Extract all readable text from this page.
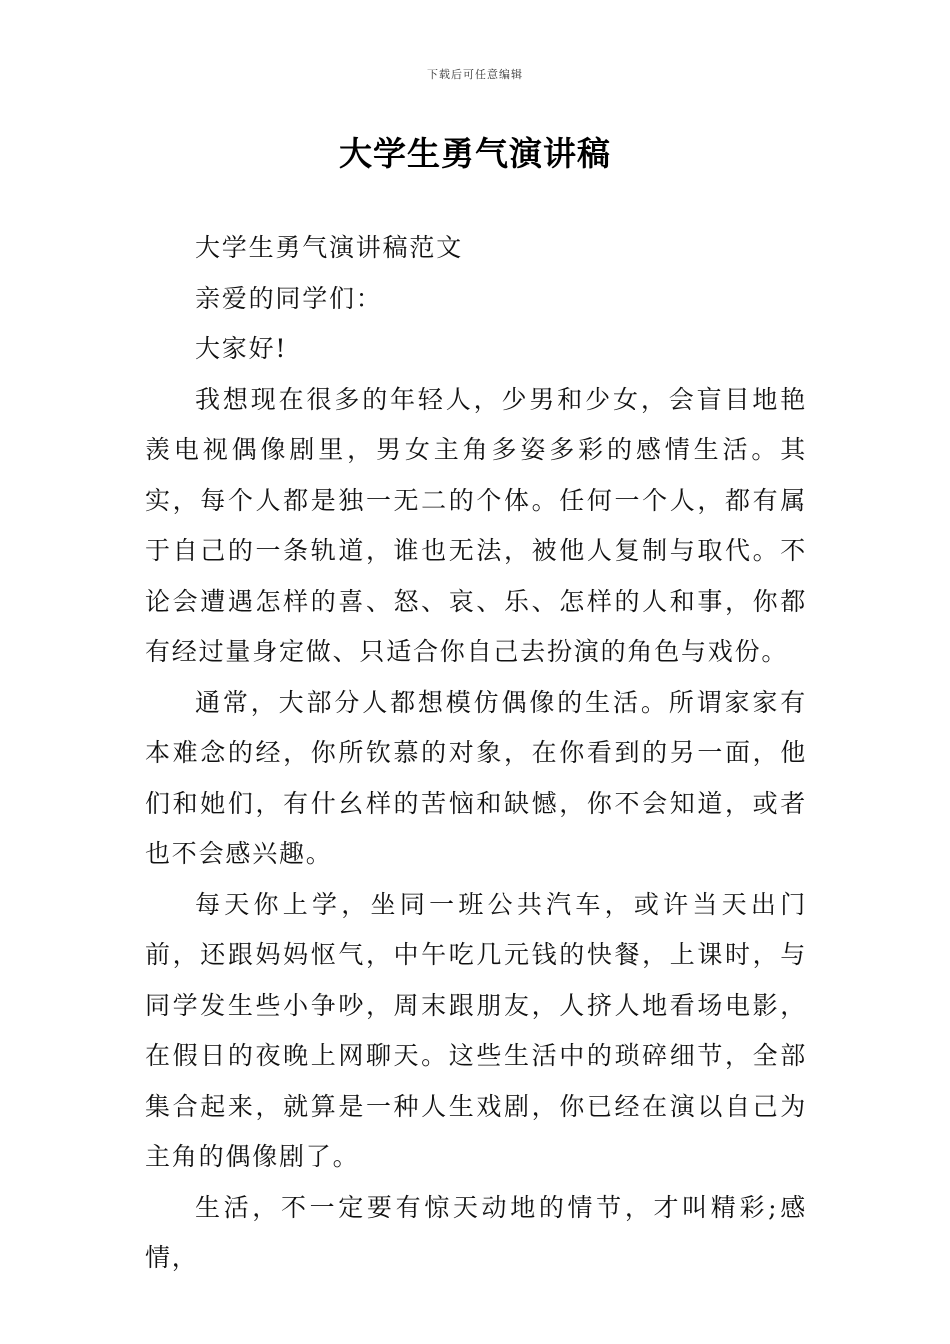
下载后可任意编辑
大学生勇气演讲稿

大学生勇气演讲稿范文

亲爱的同学们：

大家好!

我想现在很多的年轻人，少男和少女，会盲目地艳羡电视偶像剧里，男女主角多姿多彩的感情生活。其实，每个人都是独一无二的个体。任何一个人，都有属于自己的一条轨道，谁也无法，被他人复制与取代。不论会遭遇怎样的喜、怒、哀、乐、怎样的人和事，你都有经过量身定做、只适合你自己去扮演的角色与戏份。

通常，大部分人都想模仿偶像的生活。所谓家家有本难念的经，你所钦慕的对象，在你看到的另一面，他们和她们，有什幺样的苦恼和缺憾，你不会知道，或者也不会感兴趣。

每天你上学，坐同一班公共汽车，或许当天出门前，还跟妈妈怄气，中午吃几元钱的快餐，上课时，与同学发生些小争吵，周末跟朋友，人挤人地看场电影，在假日的夜晚上网聊天。这些生活中的琐碎细节，全部集合起来，就算是一种人生戏剧，你已经在演以自己为主角的偶像剧了。

生活，不一定要有惊天动地的情节，才叫精彩;感情，
